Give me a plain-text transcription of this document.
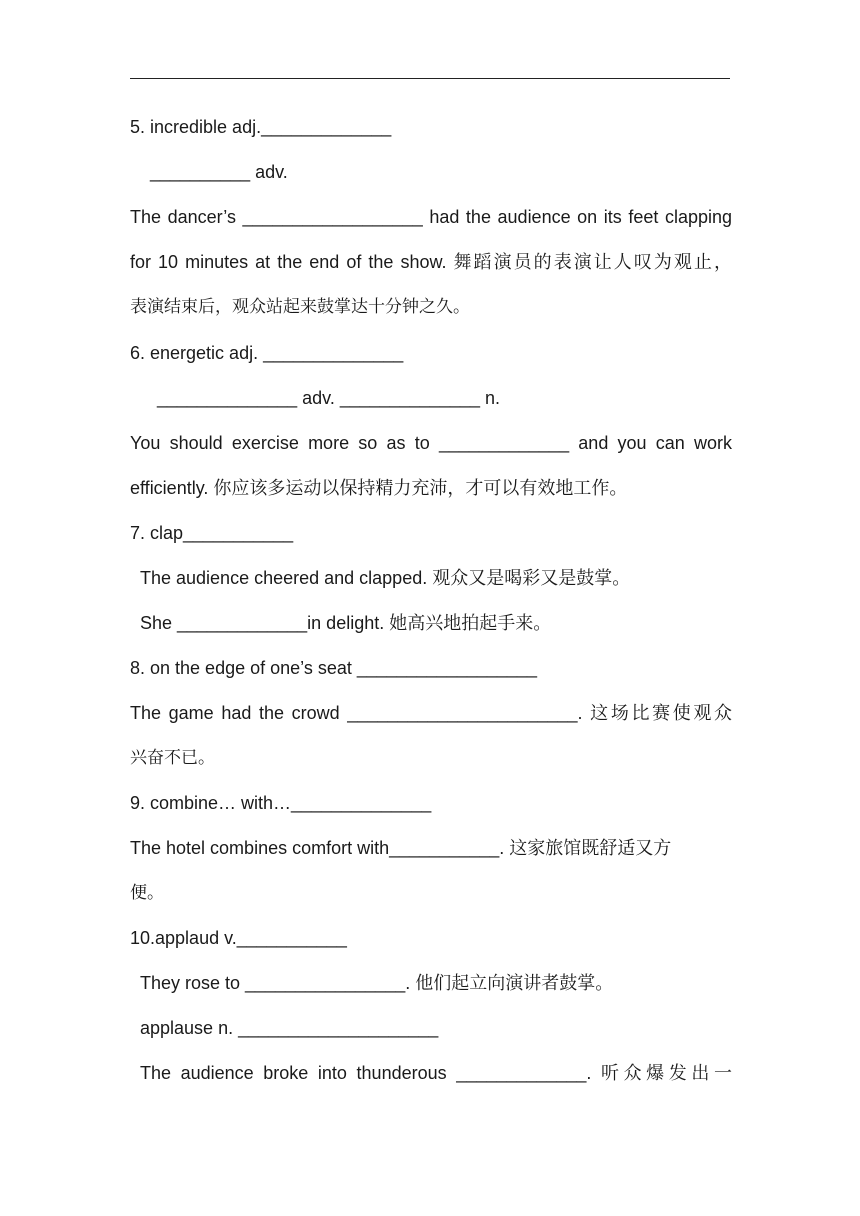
5. incredible adj._____________
__________ adv.
The dancer’s __________________ had the audience on its feet clapping
for 10 minutes at the end of the show. 舞蹈演员的表演让人叹为观止，
表演结束后，观众站起来鼓掌达十分钟之久。
6. energetic adj. ______________
______________ adv. ______________ n.
You should exercise more so as to _____________ and you can work
efficiently. 你应该多运动以保持精力充沛，才可以有效地工作。
7. clap___________
The audience cheered and clapped. 观众又是喝彩又是鼓掌。
She _____________in delight. 她高兴地拍起手来。
8. on the edge of one’s seat __________________
The game had the crowd _______________________. 这场比赛使观众
兴奋不已。
9. combine… with…______________
The hotel combines comfort with___________. 这家旅馆既舒适又方
便。
10.applaud v.___________
They rose to ________________. 他们起立向演讲者鼓掌。
applause n. ____________________
The audience broke into thunderous _____________. 听众爆发出一
